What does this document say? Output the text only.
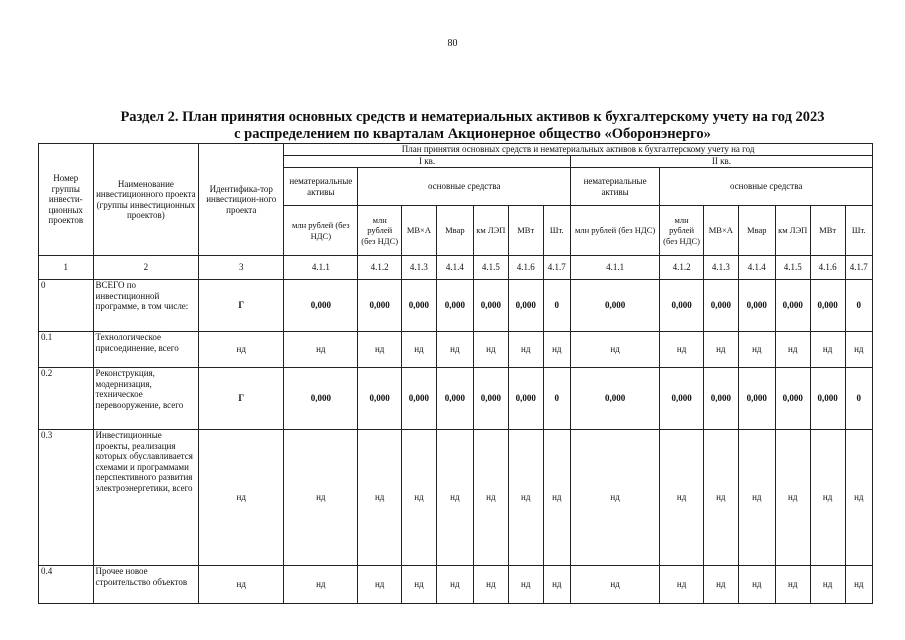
80
Раздел 2. План принятия основных средств и нематериальных активов к бухгалтерскому учету на год 2023
с распределением по кварталам Акционерное общество «Оборонэнерго»
Номер группы инвести-ционных проектов	Наименование инвестиционного проекта (группы инвестиционных проектов)	Идентифика-тор инвестицион-ного проекта	План принятия основных средств и нематериальных активов к бухгалтерскому учету на год													
			I кв.							II кв.						
			нематериальные активы	основные средства						нематериальные активы	основные средства					
			млн рублей (без НДС)	млн рублей (без НДС)	МВ×А	Мвар	км ЛЭП	МВт	Шт.	млн рублей (без НДС)	млн рублей (без НДС)	МВ×А	Мвар	км ЛЭП	МВт	Шт.
1	2	3	4.1.1	4.1.2	4.1.3	4.1.4	4.1.5	4.1.6	4.1.7	4.1.1	4.1.2	4.1.3	4.1.4	4.1.5	4.1.6	4.1.7
0	ВСЕГО по инвестиционной программе, в том числе:	Г	0,000	0,000	0,000	0,000	0,000	0,000	0	0,000	0,000	0,000	0,000	0,000	0,000	0
0.1	Технологическое присоединение, всего	нд	нд	нд	нд	нд	нд	нд	нд	нд	нд	нд	нд	нд	нд	нд
0.2	Реконструкция, модернизация, техническое перевооружение, всего	Г	0,000	0,000	0,000	0,000	0,000	0,000	0	0,000	0,000	0,000	0,000	0,000	0,000	0
0.3	Инвестиционные проекты, реализация которых обуславливается схемами и программами перспективного развития электроэнергетики, всего	нд	нд	нд	нд	нд	нд	нд	нд	нд	нд	нд	нд	нд	нд	нд
0.4	Прочее новое строительство объектов	нд	нд	нд	нд	нд	нд	нд	нд	нд	нд	нд	нд	нд	нд	нд
